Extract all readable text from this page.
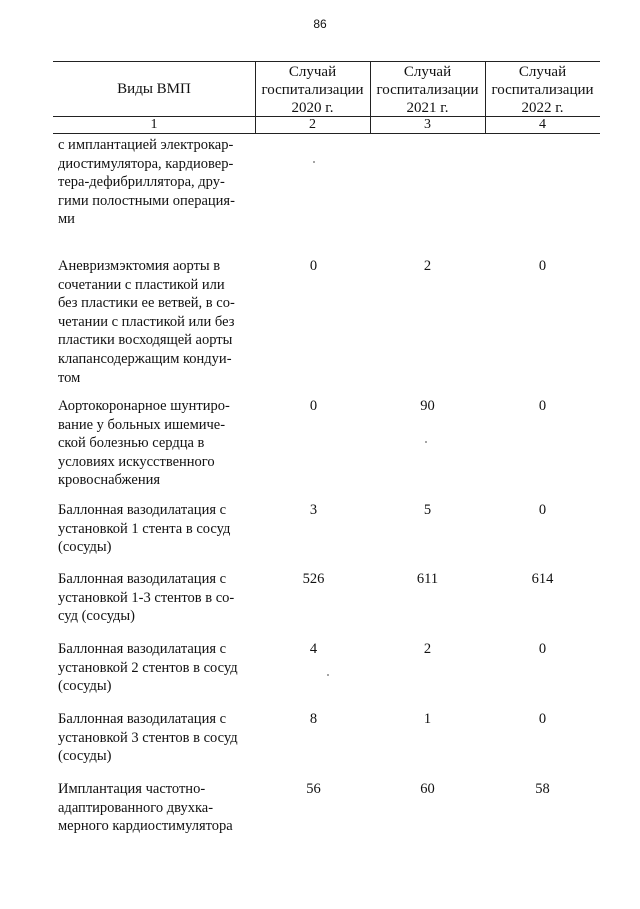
86
Виды ВМП
Случай
госпитализации
2020 г.
Случай
госпитализации
2021 г.
Случай
госпитализации
2022 г.
1	2	3	4
с имплантацией электрокар-
диостимулятора, кардиовер-
тера-дефибриллятора, дру-
гими полостными операция-
ми
Аневризмэктомия аорты в
сочетании с пластикой или
без пластики ее ветвей, в со-
четании с пластикой или без
пластики восходящей аорты
клапансодержащим кондуи-
том
0	2	0
Аортокоронарное шунтиро-
вание у больных ишемиче-
ской болезнью сердца в
условиях искусственного
кровоснабжения
0	90	0
Баллонная вазодилатация с
установкой 1 стента в сосуд
(сосуды)
3	5	0
Баллонная вазодилатация с
установкой 1-3 стентов в со-
суд (сосуды)
526	611	614
Баллонная вазодилатация с
установкой 2 стентов в сосуд
(сосуды)
4	2	0
Баллонная вазодилатация с
установкой 3 стентов в сосуд
(сосуды)
8	1	0
Имплантация частотно-
адаптированного двухка-
мерного кардиостимулятора
56	60	58
